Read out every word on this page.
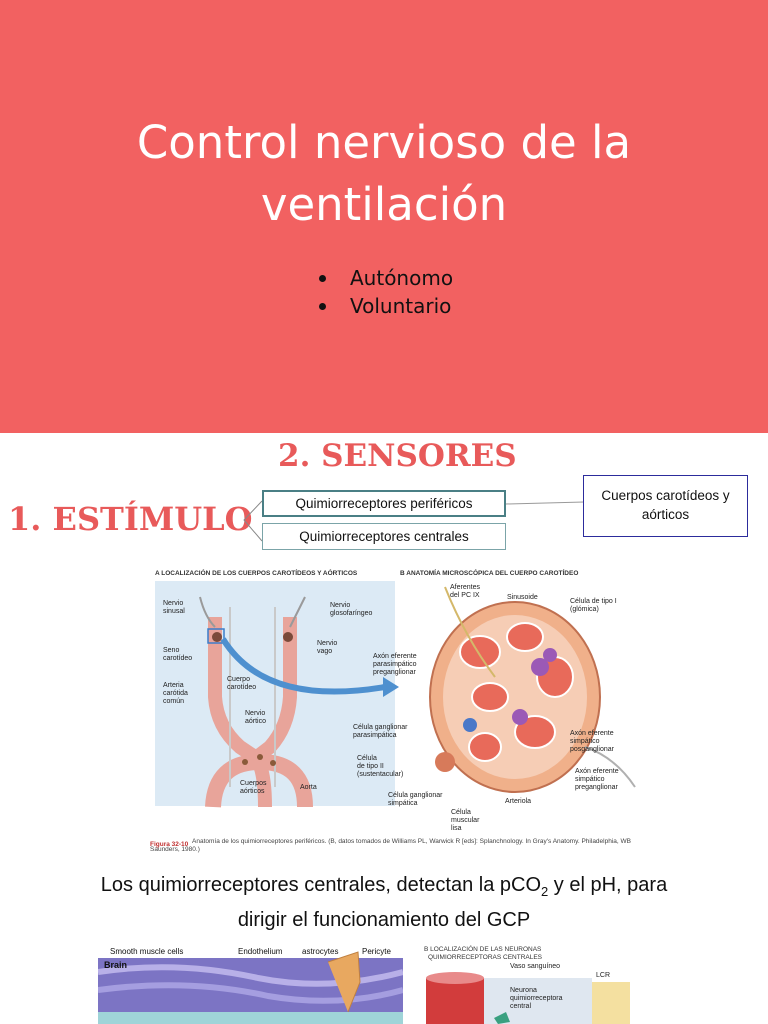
Control nervioso de la
ventilación
Autónomo
Voluntario
2. SENSORES
1. ESTÍMULO	Quimiorreceptores periféricos
Quimiorreceptores centrales
Cuerpos carotídeos y aórticos
A LOCALIZACIÓN DE LOS CUERPOS CAROTÍDEOS Y AÓRTICOS	B ANATOMÍA MICROSCÓPICA DEL CUERPO CAROTÍDEO
Nervio
sinusal
Seno
carotídeo
Arteria
carótida
común
Cuerpos
aórticos
Nervio
glosofaríngeo
Nervio
vago
Cuerpo
carotídeo
Nervio
aórtico
Aorta
Aferentes
del PC IX	Sinusoide
Célula de tipo I
(glómica)
Axón eferente
parasimpático
preganglionar
Célula ganglionar
parasimpática
Célula
de tipo II
(sustentacular)
Célula ganglionar
simpática
Célula
muscular
lisa
Arteriola
Axón eferente
simpático
posganglionar
Axón eferente
simpático
preganglionar
Figura 32-10 Anatomía de los quimiorreceptores periféricos. (B, datos tomados de Williams PL, Warwick R [eds]: Splanchnology. In Gray's Anatomy. Philadelphia, WB Saunders, 1980.)
Los quimiorreceptores centrales, detectan la pCO$_2$ y el pH, para
dirigir el funcionamiento del GCP
Smooth muscle cells	Endothelium astrocytes	Pericyte
Brain
B LOCALIZACIÓN DE LAS NEURONAS
QUIMIORRECEPTORAS CENTRALES
Vaso sanguíneo
LCR
Neurona
quimiorreceptora
central
